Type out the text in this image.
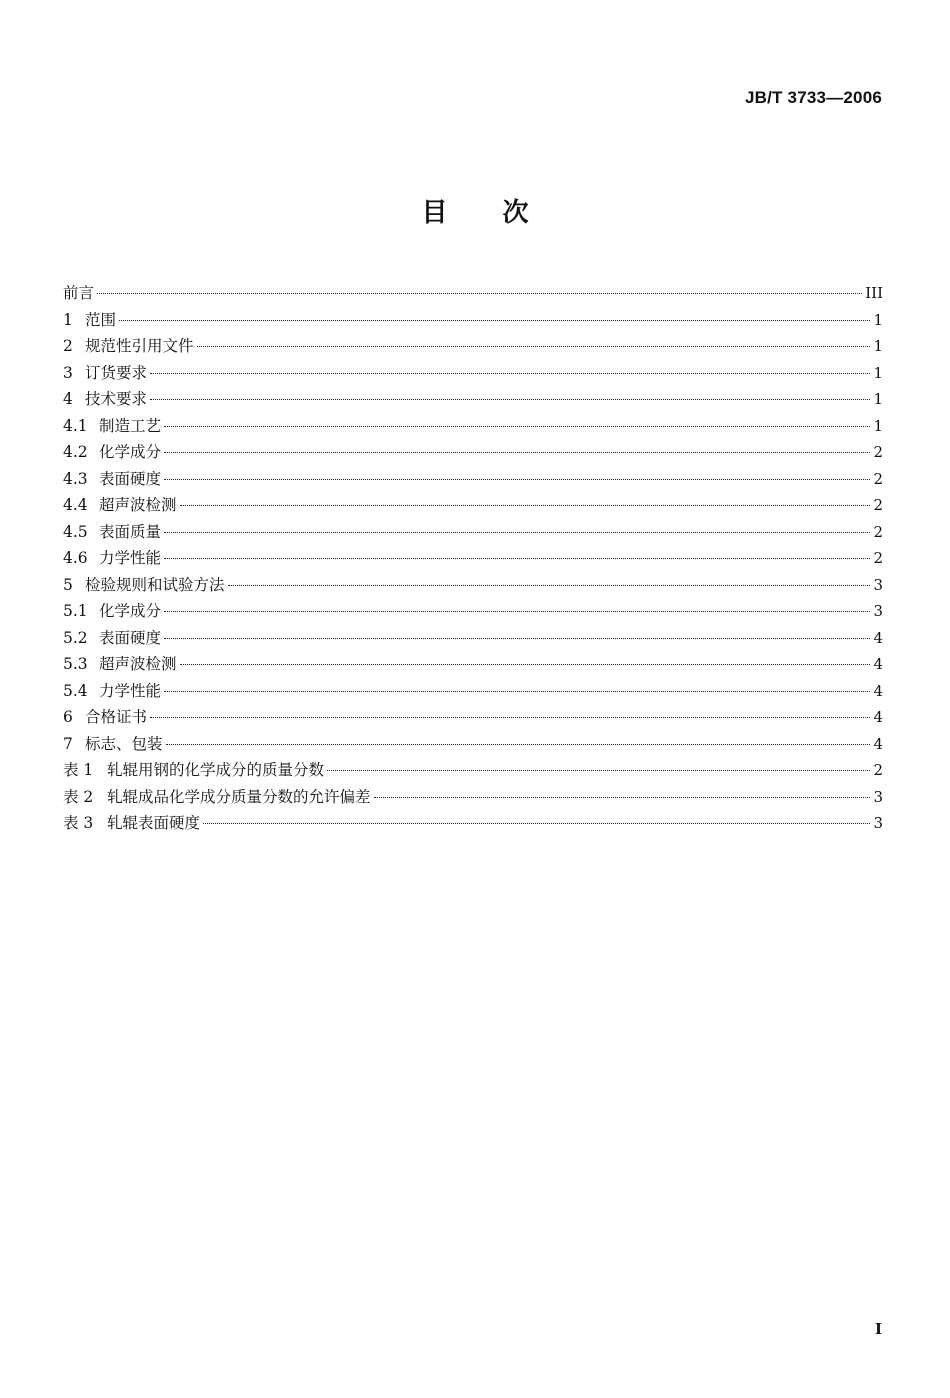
JB/T 3733—2006

目 次
前言	III
1 范围	1
2 规范性引用文件	1
3 订货要求	1
4 技术要求	1
4.1 制造工艺	1
4.2 化学成分	2
4.3 表面硬度	2
4.4 超声波检测	2
4.5 表面质量	2
4.6 力学性能	2
5 检验规则和试验方法	3
5.1 化学成分	3
5.2 表面硬度	4
5.3 超声波检测	4
5.4 力学性能	4
6 合格证书	4
7 标志、包装	4
表 1 轧辊用钢的化学成分的质量分数	2
表 2 轧辊成品化学成分质量分数的允许偏差	3
表 3 轧辊表面硬度	3

I
